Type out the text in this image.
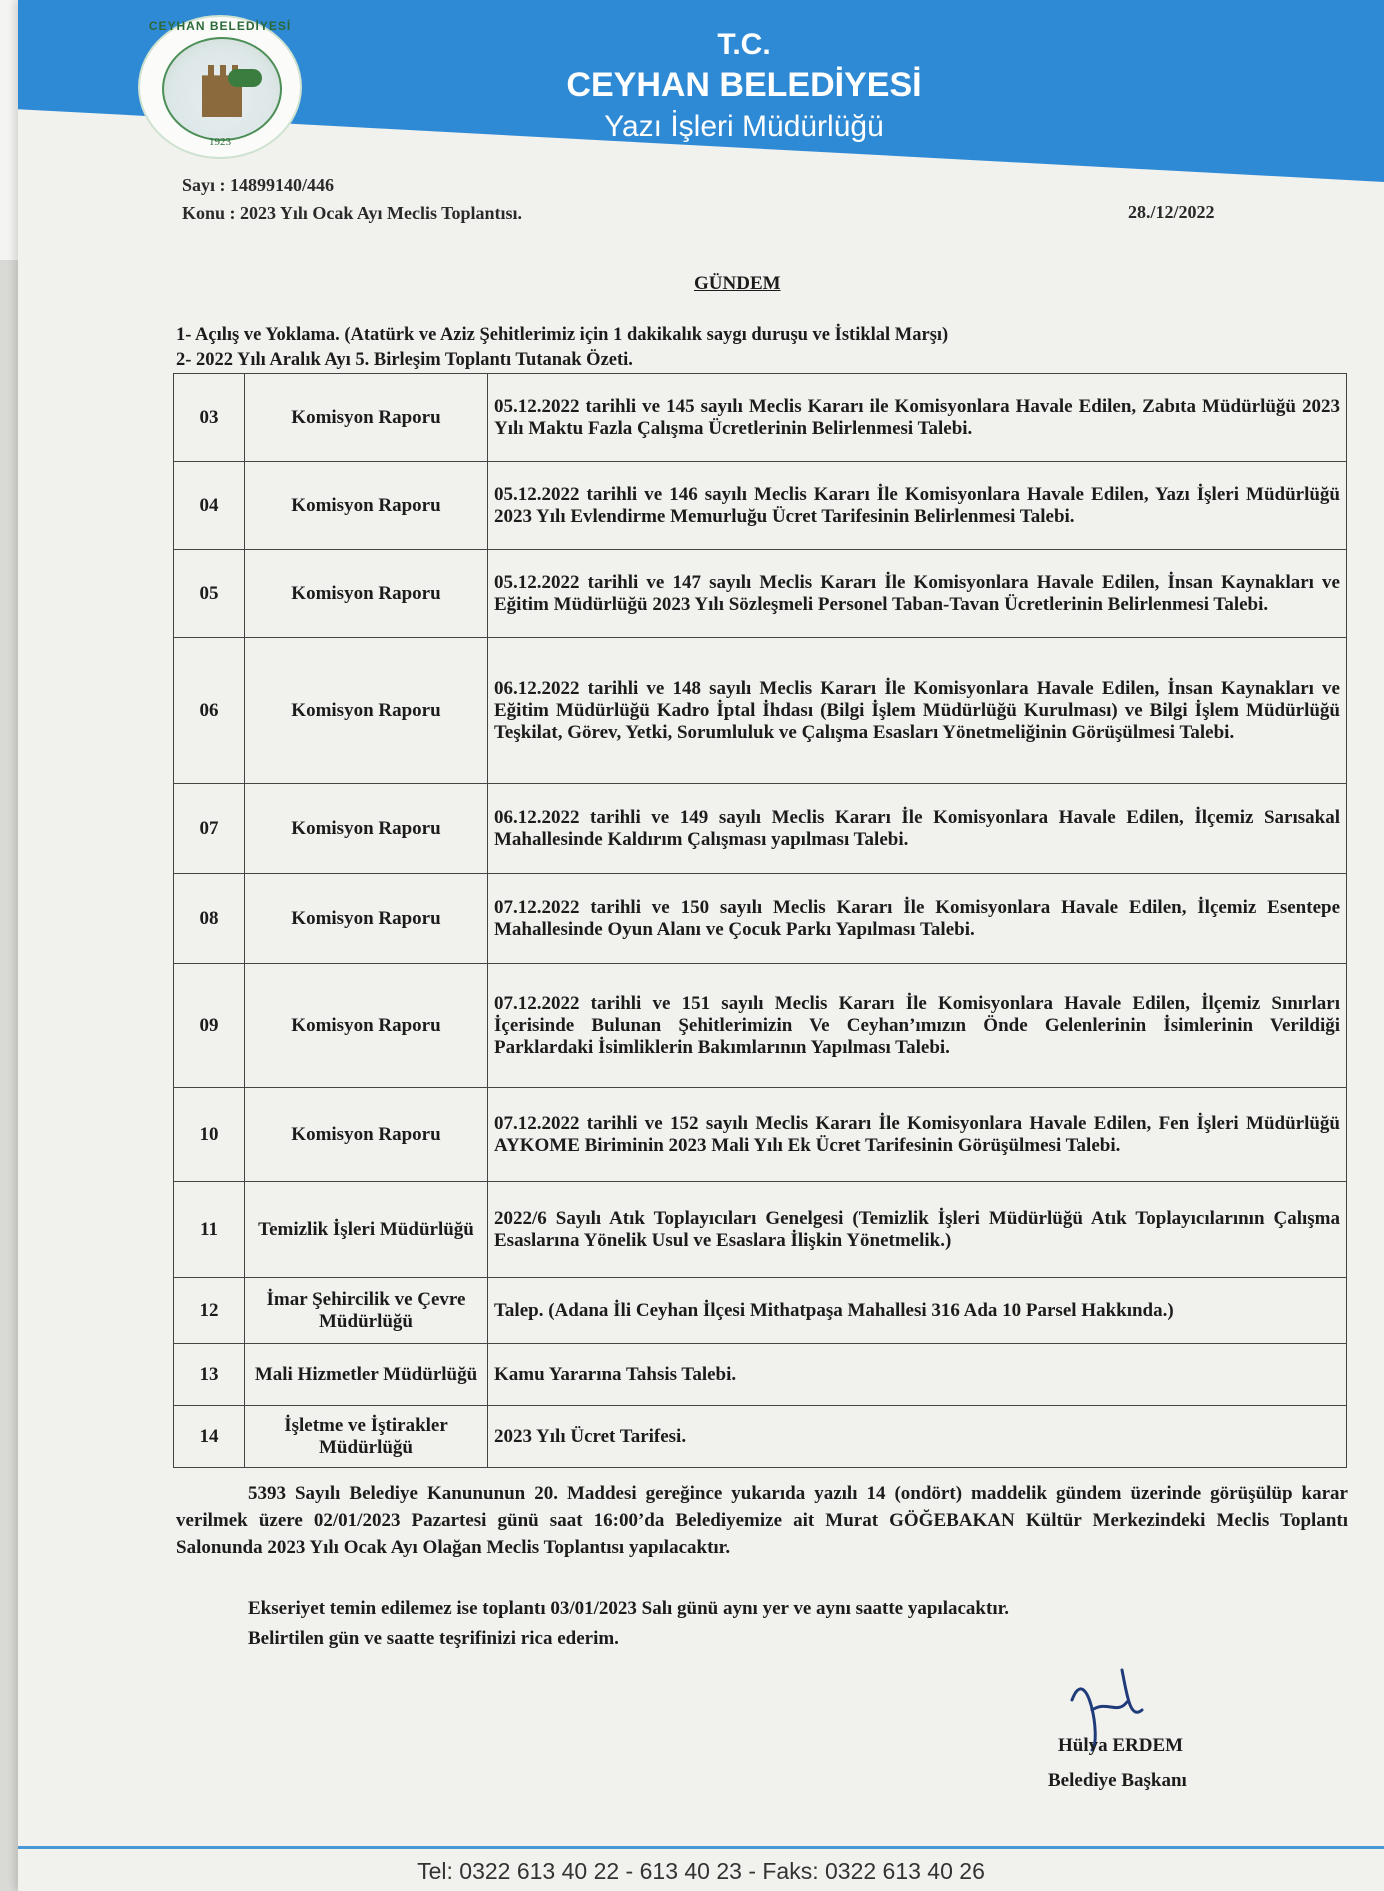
CEYHAN BELEDİYESİ
1923
T.C.
CEYHAN BELEDİYESİ
Yazı İşleri Müdürlüğü
Sayı : 14899140/446
Konu : 2023 Yılı Ocak Ayı Meclis Toplantısı.	28./12/2022
GÜNDEM
1- Açılış ve Yoklama. (Atatürk ve Aziz Şehitlerimiz için 1 dakikalık saygı duruşu ve İstiklal Marşı)
2- 2022 Yılı Aralık Ayı 5. Birleşim Toplantı Tutanak Özeti.
03	Komisyon Raporu	05.12.2022 tarihli ve 145 sayılı Meclis Kararı ile Komisyonlara Havale Edilen, Zabıta Müdürlüğü 2023 Yılı Maktu Fazla Çalışma Ücretlerinin Belirlenmesi Talebi.
04	Komisyon Raporu	05.12.2022 tarihli ve 146 sayılı Meclis Kararı İle Komisyonlara Havale Edilen, Yazı İşleri Müdürlüğü 2023 Yılı Evlendirme Memurluğu Ücret Tarifesinin Belirlenmesi Talebi.
05	Komisyon Raporu	05.12.2022 tarihli ve 147 sayılı Meclis Kararı İle Komisyonlara Havale Edilen, İnsan Kaynakları ve Eğitim Müdürlüğü 2023 Yılı Sözleşmeli Personel Taban-Tavan Ücretlerinin Belirlenmesi Talebi.
06	Komisyon Raporu	06.12.2022 tarihli ve 148 sayılı Meclis Kararı İle Komisyonlara Havale Edilen, İnsan Kaynakları ve Eğitim Müdürlüğü Kadro İptal İhdası (Bilgi İşlem Müdürlüğü Kurulması) ve Bilgi İşlem Müdürlüğü Teşkilat, Görev, Yetki, Sorumluluk ve Çalışma Esasları Yönetmeliğinin Görüşülmesi Talebi.
07	Komisyon Raporu	06.12.2022 tarihli ve 149 sayılı Meclis Kararı İle Komisyonlara Havale Edilen, İlçemiz Sarısakal Mahallesinde Kaldırım Çalışması yapılması Talebi.
08	Komisyon Raporu	07.12.2022 tarihli ve 150 sayılı Meclis Kararı İle Komisyonlara Havale Edilen, İlçemiz Esentepe Mahallesinde Oyun Alanı ve Çocuk Parkı Yapılması Talebi.
09	Komisyon Raporu	07.12.2022 tarihli ve 151 sayılı Meclis Kararı İle Komisyonlara Havale Edilen, İlçemiz Sınırları İçerisinde Bulunan Şehitlerimizin Ve Ceyhan’ımızın Önde Gelenlerinin İsimlerinin Verildiği Parklardaki İsimliklerin Bakımlarının Yapılması Talebi.
10	Komisyon Raporu	07.12.2022 tarihli ve 152 sayılı Meclis Kararı İle Komisyonlara Havale Edilen, Fen İşleri Müdürlüğü AYKOME Biriminin 2023 Mali Yılı Ek Ücret Tarifesinin Görüşülmesi Talebi.
11	Temizlik İşleri Müdürlüğü	2022/6 Sayılı Atık Toplayıcıları Genelgesi (Temizlik İşleri Müdürlüğü Atık Toplayıcılarının Çalışma Esaslarına Yönelik Usul ve Esaslara İlişkin Yönetmelik.)
12	İmar Şehircilik ve Çevre Müdürlüğü	Talep. (Adana İli Ceyhan İlçesi Mithatpaşa Mahallesi 316 Ada 10 Parsel Hakkında.)
13	Mali Hizmetler Müdürlüğü	Kamu Yararına Tahsis Talebi.
14	İşletme ve İştirakler Müdürlüğü	2023 Yılı Ücret Tarifesi.
5393 Sayılı Belediye Kanununun 20. Maddesi gereğince yukarıda yazılı 14 (ondört) maddelik gündem üzerinde görüşülüp karar verilmek üzere 02/01/2023 Pazartesi günü saat 16:00’da Belediyemize ait Murat GÖĞEBAKAN Kültür Merkezindeki Meclis Toplantı Salonunda 2023 Yılı Ocak Ayı Olağan Meclis Toplantısı yapılacaktır.
Ekseriyet temin edilemez ise toplantı 03/01/2023 Salı günü aynı yer ve aynı saatte yapılacaktır.
Belirtilen gün ve saatte teşrifinizi rica ederim.
Hülya ERDEM
Belediye Başkanı
Tel: 0322 613 40 22 - 613 40 23 - Faks: 0322 613 40 26
